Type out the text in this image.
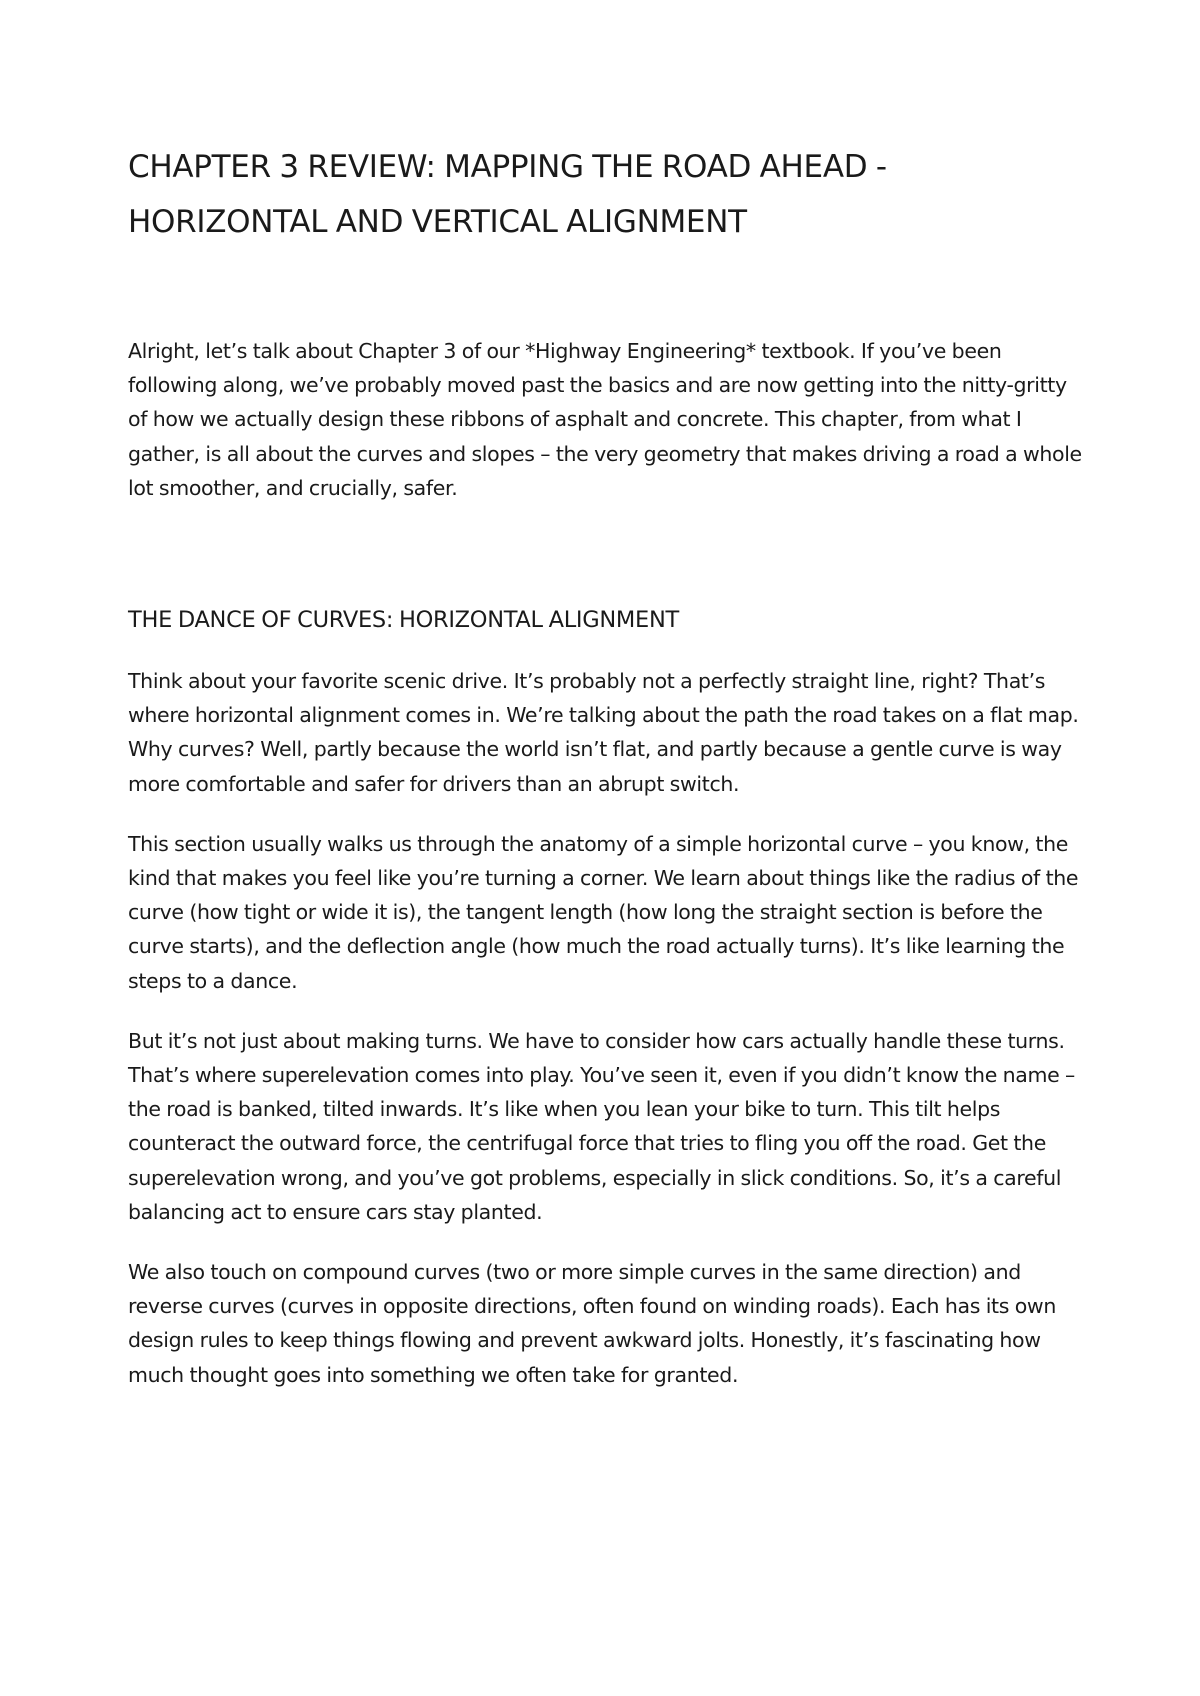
CHAPTER 3 REVIEW: MAPPING THE ROAD AHEAD - HORIZONTAL AND VERTICAL ALIGNMENT

Alright, let’s talk about Chapter 3 of our *Highway Engineering* textbook. If you’ve been following along, we’ve probably moved past the basics and are now getting into the nitty-gritty of how we actually design these ribbons of asphalt and concrete. This chapter, from what I gather, is all about the curves and slopes – the very geometry that makes driving a road a whole lot smoother, and crucially, safer.

THE DANCE OF CURVES: HORIZONTAL ALIGNMENT

Think about your favorite scenic drive. It’s probably not a perfectly straight line, right? That’s where horizontal alignment comes in. We’re talking about the path the road takes on a flat map. Why curves? Well, partly because the world isn’t flat, and partly because a gentle curve is way more comfortable and safer for drivers than an abrupt switch.

This section usually walks us through the anatomy of a simple horizontal curve – you know, the kind that makes you feel like you’re turning a corner. We learn about things like the radius of the curve (how tight or wide it is), the tangent length (how long the straight section is before the curve starts), and the deflection angle (how much the road actually turns). It’s like learning the steps to a dance.

But it’s not just about making turns. We have to consider how cars actually handle these turns. That’s where superelevation comes into play. You’ve seen it, even if you didn’t know the name – the road is banked, tilted inwards. It’s like when you lean your bike to turn. This tilt helps counteract the outward force, the centrifugal force that tries to fling you off the road. Get the superelevation wrong, and you’ve got problems, especially in slick conditions. So, it’s a careful balancing act to ensure cars stay planted.

We also touch on compound curves (two or more simple curves in the same direction) and reverse curves (curves in opposite directions, often found on winding roads). Each has its own design rules to keep things flowing and prevent awkward jolts. Honestly, it’s fascinating how much thought goes into something we often take for granted.
